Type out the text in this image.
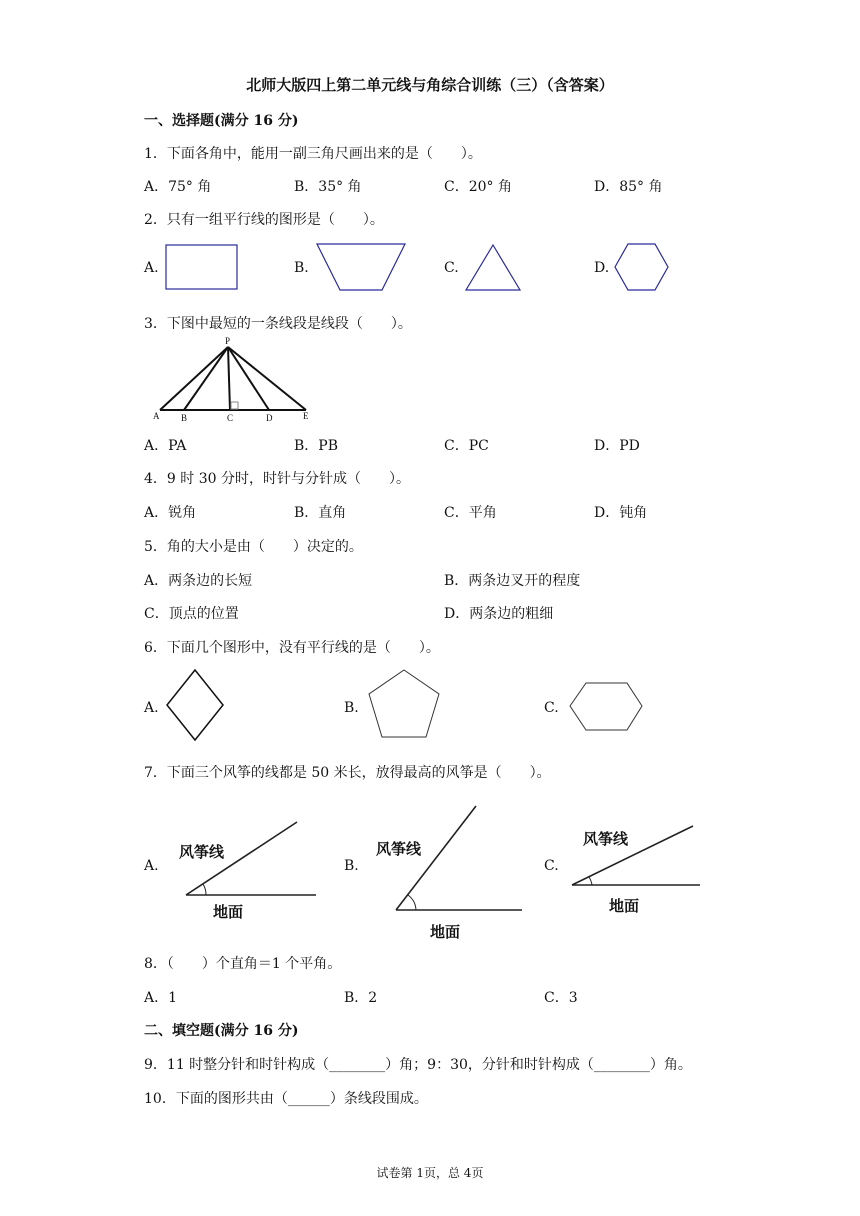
北师大版四上第二单元线与角综合训练（三）（含答案）
一、选择题(满分 16 分)
1．下面各角中，能用一副三角尺画出来的是（　　）。
A．75° 角	B．35° 角	C．20° 角	D．85° 角
2．只有一组平行线的图形是（　　）。
A.	B.	C.	D.
3．下图中最短的一条线段是线段（　　）。
P
A B	C	D	E
A．PA	B．PB	C．PC	D．PD
4．9 时 30 分时，时针与分针成（　　）。
A．锐角	B．直角	C．平角	D．钝角
5．角的大小是由（　　）决定的。
A．两条边的长短	B．两条边叉开的程度
C．顶点的位置	D．两条边的粗细
6．下面几个图形中，没有平行线的是（　　）。
A.	B.	C.
7．下面三个风筝的线都是 50 米长，放得最高的风筝是（　　）。
A.	B.	C.
风筝线
地面
风筝线
地面
风筝线
地面
8．（　　）个直角＝1 个平角。
A．1	B．2	C．3
二、填空题(满分 16 分)
9．11 时整分针和时针构成（________）角；9：30，分针和时针构成（________）角。
10．下面的图形共由（______）条线段围成。
试卷第 1页，总 4页
